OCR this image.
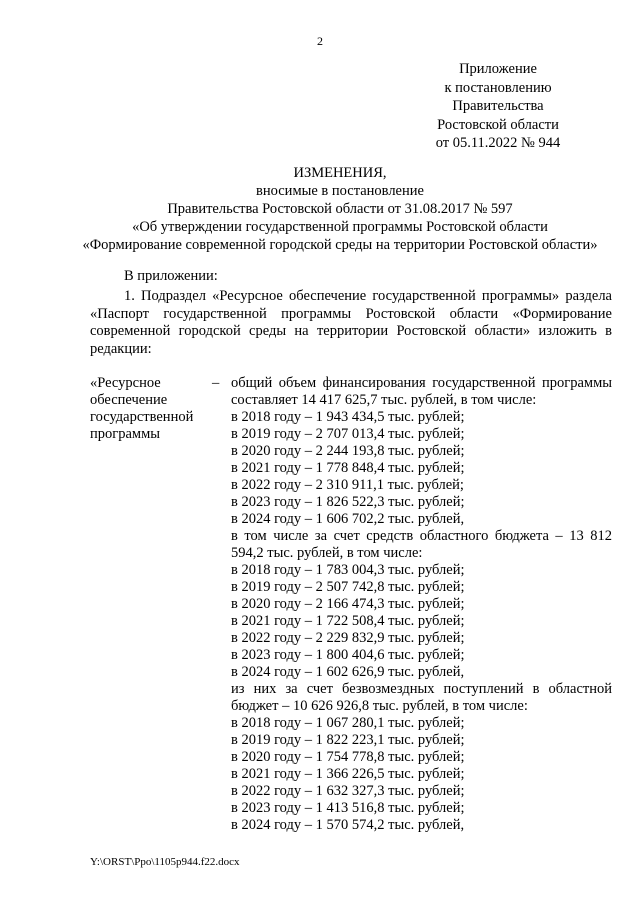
2
Приложение
к постановлению
Правительства
Ростовской области
от 05.11.2022 № 944
ИЗМЕНЕНИЯ,
вносимые в постановление
Правительства Ростовской области от 31.08.2017 № 597
«Об утверждении государственной программы Ростовской области
«Формирование современной городской среды на территории Ростовской области»
В приложении:
1. Подраздел «Ресурсное обеспечение государственной программы» раздела «Паспорт государственной программы Ростовской области «Формирование современной городской среды на территории Ростовской области» изложить в редакции:
«Ресурсное обеспечение государственной программы
– общий объем финансирования государственной программы составляет 14 417 625,7 тыс. рублей, в том числе:
в 2018 году – 1 943 434,5 тыс. рублей;
в 2019 году – 2 707 013,4 тыс. рублей;
в 2020 году – 2 244 193,8 тыс. рублей;
в 2021 году – 1 778 848,4 тыс. рублей;
в 2022 году – 2 310 911,1 тыс. рублей;
в 2023 году – 1 826 522,3 тыс. рублей;
в 2024 году – 1 606 702,2 тыс. рублей,
в том числе за счет средств областного бюджета – 13 812 594,2 тыс. рублей, в том числе:
в 2018 году – 1 783 004,3 тыс. рублей;
в 2019 году – 2 507 742,8 тыс. рублей;
в 2020 году – 2 166 474,3 тыс. рублей;
в 2021 году – 1 722 508,4 тыс. рублей;
в 2022 году – 2 229 832,9 тыс. рублей;
в 2023 году – 1 800 404,6 тыс. рублей;
в 2024 году – 1 602 626,9 тыс. рублей,
из них за счет безвозмездных поступлений в областной бюджет – 10 626 926,8 тыс. рублей, в том числе:
в 2018 году – 1 067 280,1 тыс. рублей;
в 2019 году – 1 822 223,1 тыс. рублей;
в 2020 году – 1 754 778,8 тыс. рублей;
в 2021 году – 1 366 226,5 тыс. рублей;
в 2022 году – 1 632 327,3 тыс. рублей;
в 2023 году – 1 413 516,8 тыс. рублей;
в 2024 году – 1 570 574,2 тыс. рублей,
Y:\ORST\Ppo\1105p944.f22.docx
